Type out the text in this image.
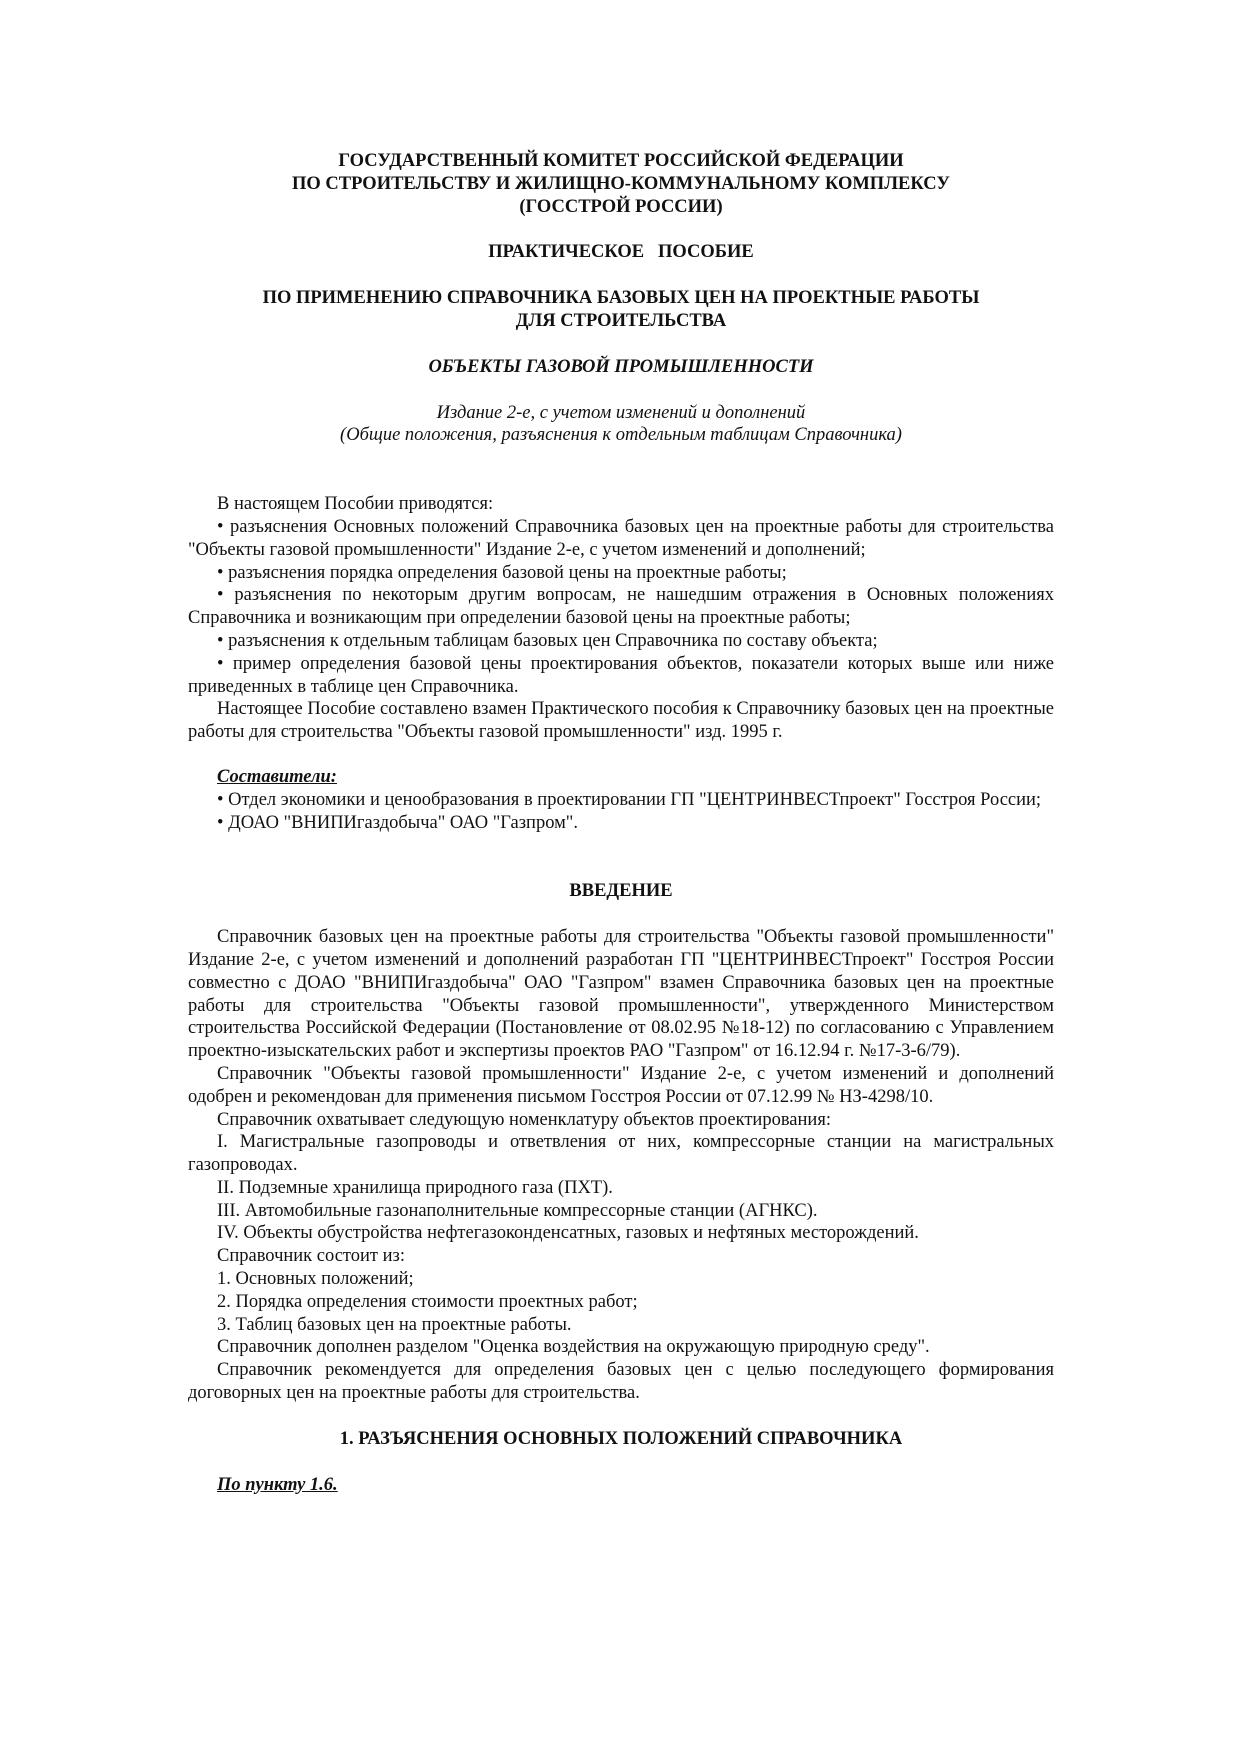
ГОСУДАРСТВЕННЫЙ КОМИТЕТ РОССИЙСКОЙ ФЕДЕРАЦИИ
ПО СТРОИТЕЛЬСТВУ И ЖИЛИЩНО-КОММУНАЛЬНОМУ КОМПЛЕКСУ
(ГОССТРОЙ РОССИИ)
ПРАКТИЧЕСКОЕ   ПОСОБИЕ
ПО ПРИМЕНЕНИЮ СПРАВОЧНИКА БАЗОВЫХ ЦЕН НА ПРОЕКТНЫЕ РАБОТЫ
ДЛЯ СТРОИТЕЛЬСТВА
ОБЪЕКТЫ ГАЗОВОЙ ПРОМЫШЛЕННОСТИ
Издание 2-е, с учетом изменений и дополнений
(Общие положения, разъяснения к отдельным таблицам Справочника)

В настоящем Пособии приводятся:

• разъяснения Основных положений Справочника базовых цен на проектные работы для строительства "Объекты газовой промышленности" Издание 2-е, с учетом изменений и дополнений;

• разъяснения порядка определения базовой цены на проектные работы;

• разъяснения по некоторым другим вопросам, не нашедшим отражения в Основных положениях Справочника и возникающим при определении базовой цены на проектные работы;

• разъяснения к отдельным таблицам базовых цен Справочника по составу объекта;

• пример определения базовой цены проектирования объектов, показатели которых выше или ниже приведенных в таблице цен Справочника.

Настоящее Пособие составлено взамен Практического пособия к Справочнику базовых цен на проектные работы для строительства "Объекты газовой промышленности" изд. 1995 г.

Составители:

• Отдел экономики и ценообразования в проектировании ГП "ЦЕНТРИНВЕСТпроект" Госстроя России;

• ДОАО "ВНИПИгаздобыча" ОАО "Газпром".

ВВЕДЕНИЕ

Справочник базовых цен на проектные работы для строительства "Объекты газовой промышленности" Издание 2-е, с учетом изменений и дополнений разработан ГП "ЦЕНТРИНВЕСТпроект" Госстроя России совместно с ДОАО "ВНИПИгаздобыча" ОАО "Газпром" взамен Справочника базовых цен на проектные работы для строительства "Объекты газовой промышленности", утвержденного Министерством строительства Российской Федерации (Постановление от 08.02.95 №18-12) по согласованию с Управлением проектно-изыскательских работ и экспертизы проектов РАО "Газпром" от 16.12.94 г. №17-3-6/79).

Справочник "Объекты газовой промышленности" Издание 2-е, с учетом изменений и дополнений одобрен и рекомендован для применения письмом Госстроя России от 07.12.99 № НЗ-4298/10.

Справочник охватывает следующую номенклатуру объектов проектирования:

I. Магистральные газопроводы и ответвления от них, компрессорные станции на магистральных газопроводах.

II. Подземные хранилища природного газа (ПХТ).

III. Автомобильные газонаполнительные компрессорные станции (АГНКС).

IV. Объекты обустройства нефтегазоконденсатных, газовых и нефтяных месторождений.

Справочник состоит из:

1. Основных положений;

2. Порядка определения стоимости проектных работ;

3. Таблиц базовых цен на проектные работы.

Справочник дополнен разделом "Оценка воздействия на окружающую природную среду".

Справочник рекомендуется для определения базовых цен с целью последующего формирования договорных цен на проектные работы для строительства.

1. РАЗЪЯСНЕНИЯ ОСНОВНЫХ ПОЛОЖЕНИЙ СПРАВОЧНИКА

По пункту 1.6.
